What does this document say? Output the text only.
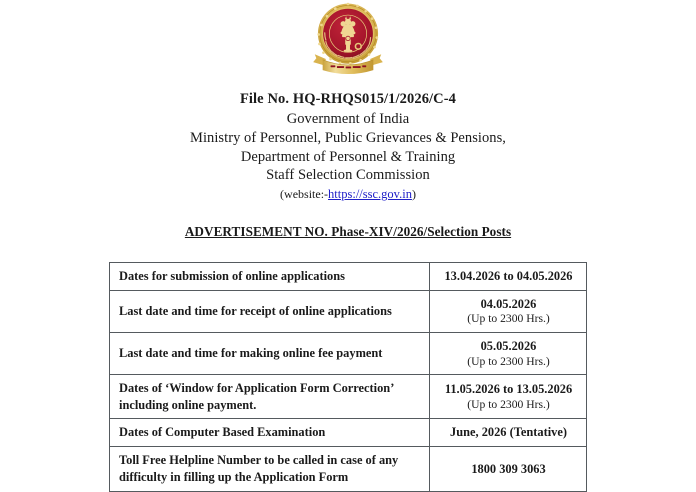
File No. HQ-RHQS015/1/2026/C-4
Government of India
Ministry of Personnel, Public Grievances & Pensions,
Department of Personnel & Training
Staff Selection Commission
(website:-https://ssc.gov.in)
ADVERTISEMENT NO. Phase-XIV/2026/Selection Posts
Dates for submission of online applications	13.04.2026 to 04.05.2026
Last date and time for receipt of online applications	04.05.2026
(Up to 2300 Hrs.)

Last date and time for making online fee payment	05.05.2026
(Up to 2300 Hrs.)

Dates of ‘Window for Application Form Correction’ including online payment.	11.05.2026 to 13.05.2026
(Up to 2300 Hrs.)

Dates of Computer Based Examination	June, 2026 (Tentative)
Toll Free Helpline Number to be called in case of any difficulty in filling up the Application Form	1800 309 3063
